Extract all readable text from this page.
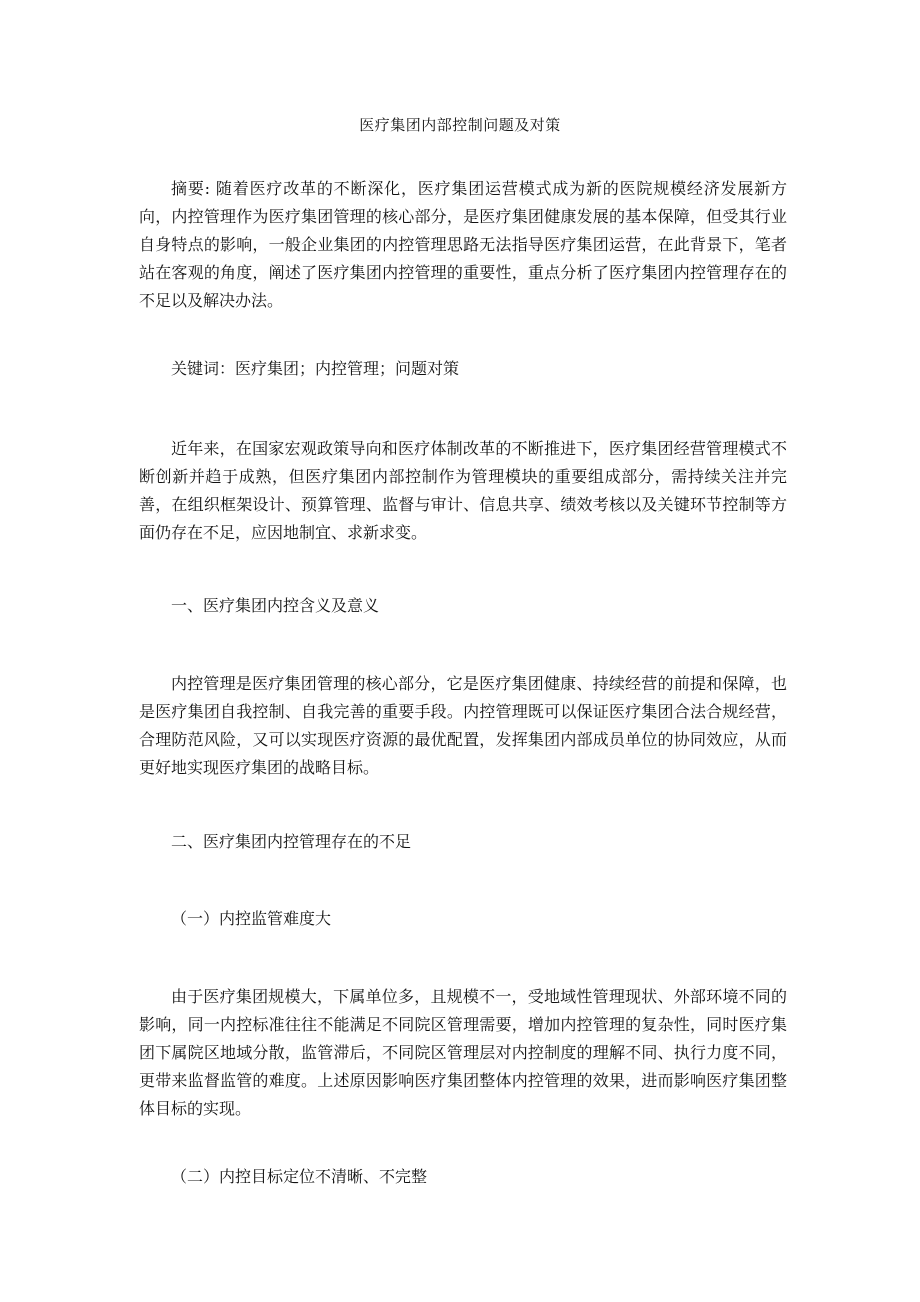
医疗集团内部控制问题及对策

摘要: 随着医疗改革的不断深化，医疗集团运营模式成为新的医院规模经济发展新方向，内控管理作为医疗集团管理的核心部分，是医疗集团健康发展的基本保障，但受其行业自身特点的影响，一般企业集团的内控管理思路无法指导医疗集团运营，在此背景下，笔者站在客观的角度，阐述了医疗集团内控管理的重要性，重点分析了医疗集团内控管理存在的不足以及解决办法。

关键词：医疗集团；内控管理；问题对策

近年来，在国家宏观政策导向和医疗体制改革的不断推进下，医疗集团经营管理模式不断创新并趋于成熟，但医疗集团内部控制作为管理模块的重要组成部分，需持续关注并完善，在组织框架设计、预算管理、监督与审计、信息共享、绩效考核以及关键环节控制等方面仍存在不足，应因地制宜、求新求变。

一、医疗集团内控含义及意义

内控管理是医疗集团管理的核心部分，它是医疗集团健康、持续经营的前提和保障，也是医疗集团自我控制、自我完善的重要手段。内控管理既可以保证医疗集团合法合规经营，合理防范风险，又可以实现医疗资源的最优配置，发挥集团内部成员单位的协同效应，从而更好地实现医疗集团的战略目标。

二、医疗集团内控管理存在的不足

（一）内控监管难度大

由于医疗集团规模大，下属单位多，且规模不一，受地域性管理现状、外部环境不同的影响，同一内控标准往往不能满足不同院区管理需要，增加内控管理的复杂性，同时医疗集团下属院区地域分散，监管滞后，不同院区管理层对内控制度的理解不同、执行力度不同，更带来监督监管的难度。上述原因影响医疗集团整体内控管理的效果，进而影响医疗集团整体目标的实现。

（二）内控目标定位不清晰、不完整
